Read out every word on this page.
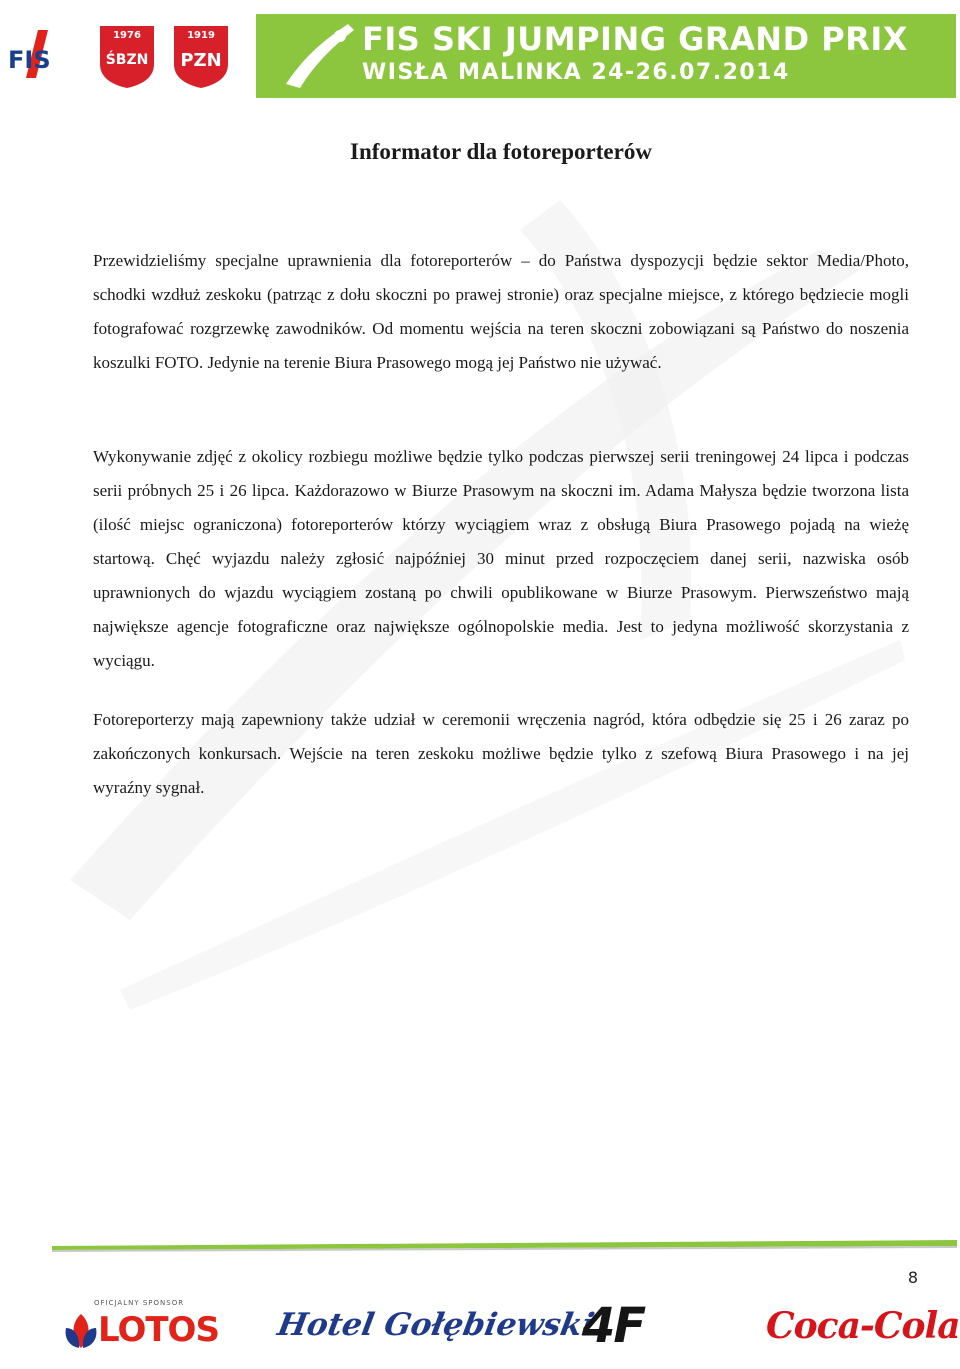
FIS
1976
ŚBZN
1919
PZN
FIS SKI JUMPING GRAND PRIX
WISŁA MALINKA 24-26.07.2014
Informator dla fotoreporterów

Przewidzieliśmy specjalne uprawnienia dla fotoreporterów – do Państwa dyspozycji będzie sektor Media/Photo, schodki wzdłuż zeskoku (patrząc z dołu skoczni po prawej stronie) oraz specjalne miejsce, z którego będziecie mogli fotografować rozgrzewkę zawodników. Od momentu wejścia na teren skoczni zobowiązani są Państwo do noszenia koszulki FOTO. Jedynie na terenie Biura Prasowego mogą jej Państwo nie używać.

Wykonywanie zdjęć z okolicy rozbiegu możliwe będzie tylko podczas pierwszej serii treningowej 24 lipca i podczas serii próbnych 25 i 26 lipca. Każdorazowo w Biurze Prasowym na skoczni im. Adama Małysza będzie tworzona lista (ilość miejsc ograniczona) fotoreporterów którzy wyciągiem wraz z obsługą Biura Prasowego pojadą na wieżę startową. Chęć wyjazdu należy zgłosić najpóźniej 30 minut przed rozpoczęciem danej serii, nazwiska osób uprawnionych do wjazdu wyciągiem zostaną po chwili opublikowane w Biurze Prasowym. Pierwszeństwo mają największe agencje fotograficzne oraz największe ogólnopolskie media. Jest to jedyna możliwość skorzystania z wyciągu.

Fotoreporterzy mają zapewniony także udział w ceremonii wręczenia nagród, która odbędzie się 25 i 26 zaraz po zakończonych konkursach. Wejście na teren zeskoku możliwe będzie tylko z szefową Biura Prasowego i na jej wyraźny sygnał.

8
OFICJALNY SPONSOR
LOTOS Hotel Gołębiewski
4F	Coca-Cola
